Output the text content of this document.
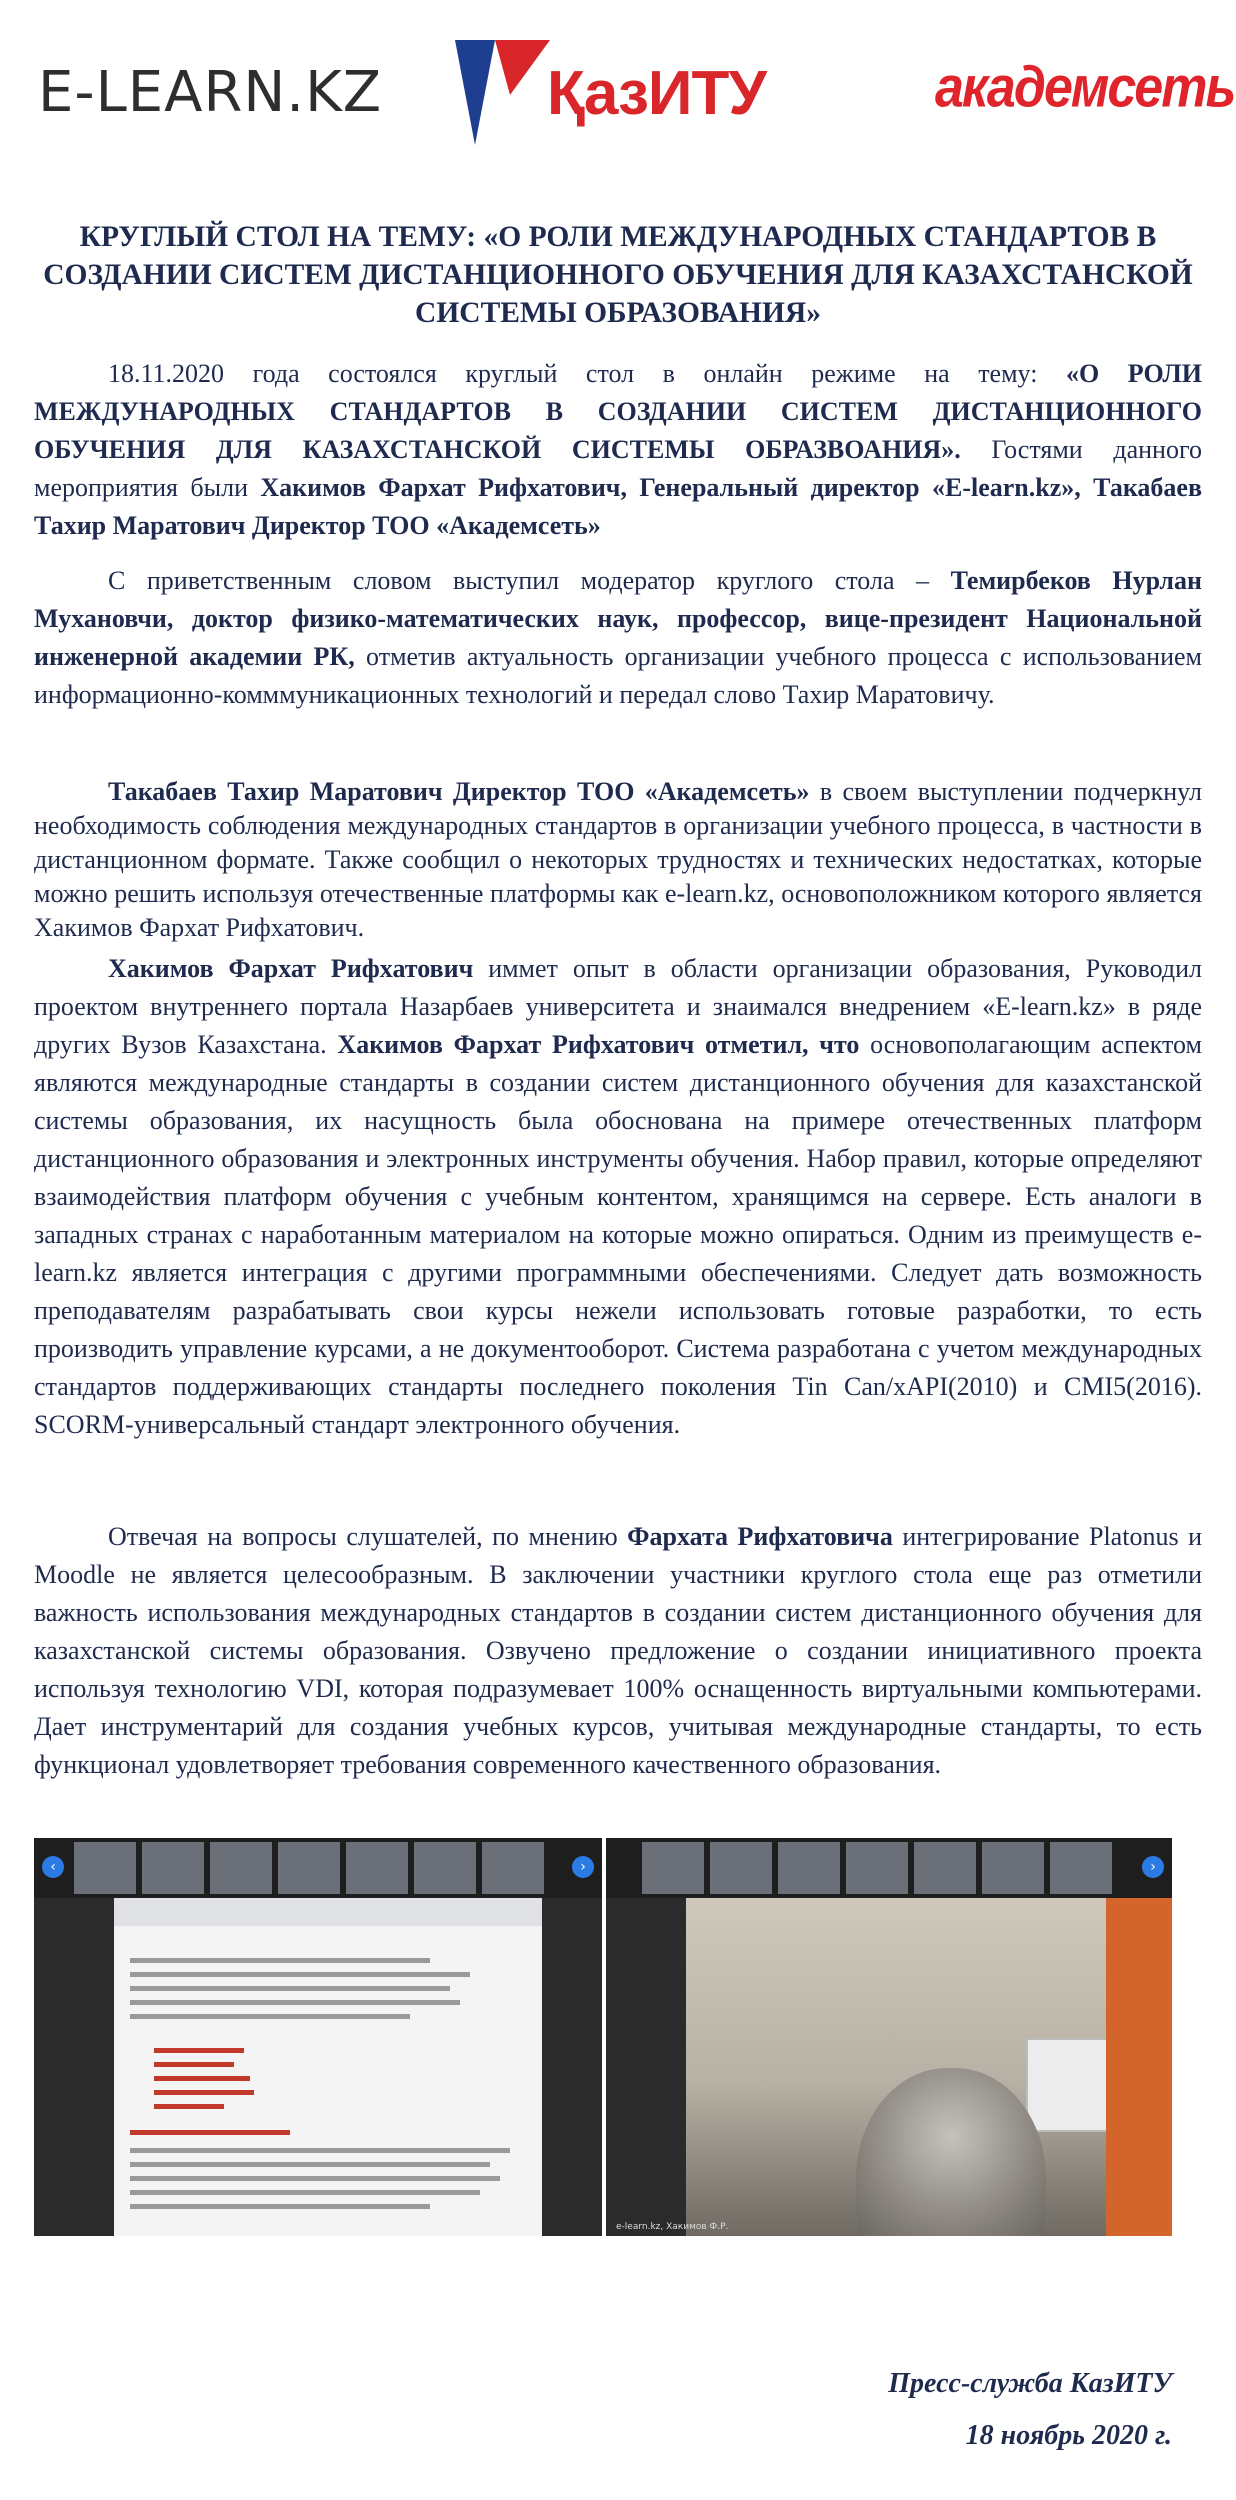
E-LEARN.KZ	ҚазИТУ	академсеть
КРУГЛЫЙ СТОЛ НА ТЕМУ: «О РОЛИ МЕЖДУНАРОДНЫХ СТАНДАРТОВ В СОЗДАНИИ СИСТЕМ ДИСТАНЦИОННОГО ОБУЧЕНИЯ ДЛЯ КАЗАХСТАНСКОЙ СИСТЕМЫ ОБРАЗОВАНИЯ»
18.11.2020 года состоялся круглый стол в онлайн режиме на тему: «О РОЛИ МЕЖДУНАРОДНЫХ СТАНДАРТОВ В СОЗДАНИИ СИСТЕМ ДИСТАНЦИОННОГО ОБУЧЕНИЯ ДЛЯ КАЗАХСТАНСКОЙ СИСТЕМЫ ОБРАЗВОАНИЯ». Гостями данного мероприятия были Хакимов Фархат Рифхатович, Генеральный директор «E-learn.kz», Такабаев Тахир Маратович Директор ТОО «Академсеть»
С приветственным словом выступил модератор круглого стола – Темирбеков Нурлан Мухановчи, доктор физико-математических наук, профессор, вице-президент Национальной инженерной академии РК, отметив актуальность организации учебного процесса с использованием информационно-комммуникационных технологий и передал слово Тахир Маратовичу.
Такабаев Тахир Маратович Директор ТОО «Академсеть» в своем выступлении подчеркнул необходимость соблюдения международных стандартов в организации учебного процесса, в частности в дистанционном формате. Также сообщил о некоторых трудностях и технических недостатках, которые можно решить используя отечественные платформы как e-learn.kz, основоположником которого является Хакимов Фархат Рифхатович.
Хакимов Фархат Рифхатович иммет опыт в области организации образования, Руководил проектом внутреннего портала Назарбаев университета и знаимался внедрением «E-learn.kz» в ряде других Вузов Казахстана. Хакимов Фархат Рифхатович отметил, что основополагающим аспектом являются международные стандарты в создании систем дистанционного обучения для казахстанской системы образования, их насущность была обоснована на примере отечественных платформ дистанционного образования и электронных инструменты обучения. Набор правил, которые определяют взаимодействия платформ обучения с учебным контентом, хранящимся на сервере. Есть аналоги в западных странах с наработанным материалом на которые можно опираться. Одним из преимуществ e-learn.kz является интеграция с другими программными обеспечениями. Следует дать возможность преподавателям разрабатывать свои курсы нежели использовать готовые разработки, то есть производить управление курсами, а не документооборот. Система разработана с учетом международных стандартов поддерживающих стандарты последнего поколения Tin Can/xAPI(2010) и CMI5(2016). SCORM-универсальный стандарт электронного обучения.
Отвечая на вопросы слушателей, по мнению Фархата Рифхатовича интегрирование Platonus и Moodle не является целесообразным. В заключении участники круглого стола еще раз отметили важность использования международных стандартов в создании систем дистанционного обучения для казахстанской системы образования. Озвучено предложение о создании инициативного проекта используя технологию VDI, которая подразумевает 100% оснащенность виртуальными компьютерами. Дает инструментарий для создания учебных курсов, учитывая международные стандарты, то есть функционал удовлетворяет требования современного качественного образования.
‹	›	›
e-learn.kz, Хакимов Ф.Р.
Пресс-служба КазИТУ
18 ноябрь 2020 г.
